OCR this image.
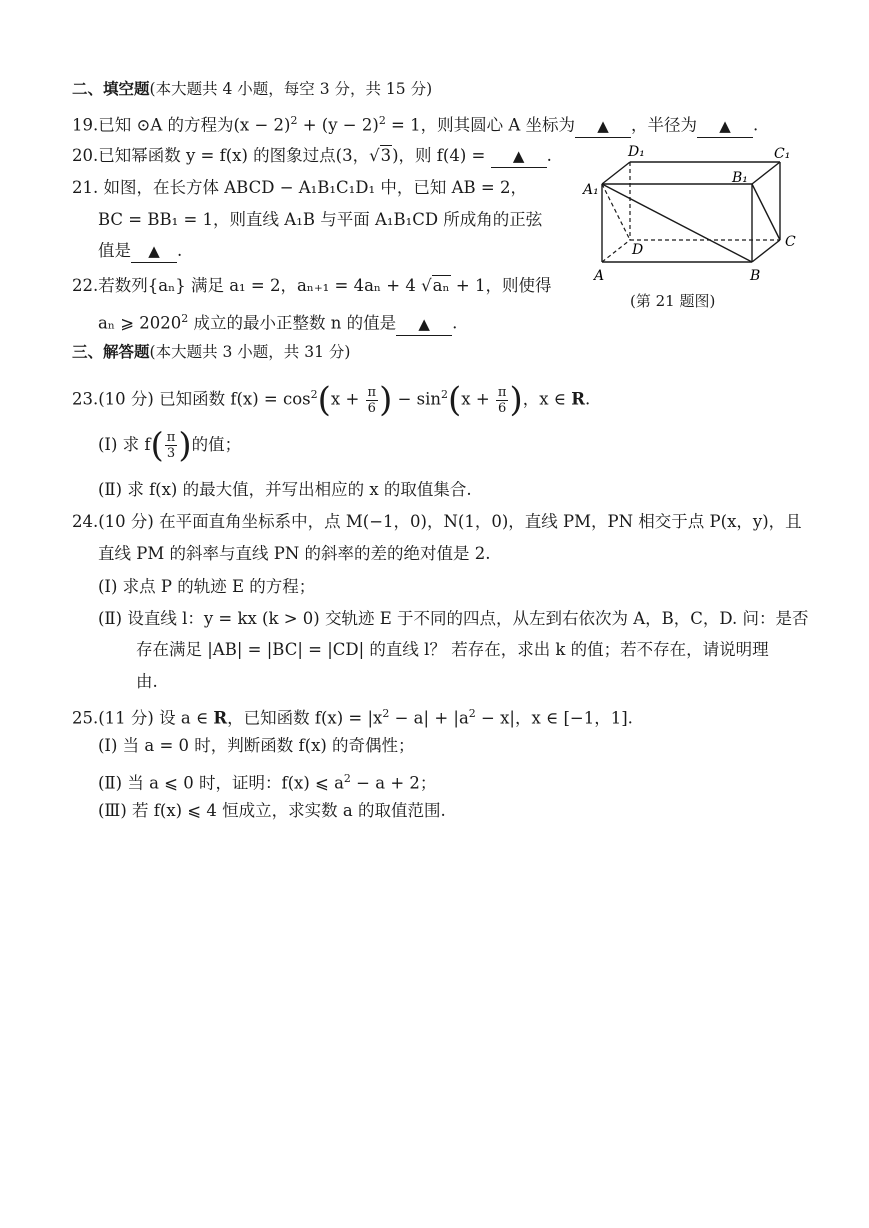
二、填空题(本大题共 4 小题，每空 3 分，共 15 分)
19.已知 ⊙A 的方程为$(x - 2)^2 + (y - 2)^2 = 1$，则其圆心 A 坐标为 ▲ ，半径为 ▲ .
20.已知幂函数 y = f(x) 的图象过点(3，√3)，则 f(4) = ▲ .
21. 如图，在长方体 ABCD − A₁B₁C₁D₁ 中，已知 AB = 2，
BC = BB₁ = 1，则直线 A₁B 与平面 A₁B₁CD 所成角的正弦
值是 ▲ .
22.若数列{aₙ} 满足 a₁ = 2，aₙ₊₁ = 4aₙ + 4 √aₙ + 1，则使得
aₙ ⩾ 2020$^2$ 成立的最小正整数 n 的值是 ▲ .
D₁	C₁
A₁
B₁
D	C
A	B
(第 21 题图)
三、解答题(本大题共 3 小题，共 31 分)
23.(10 分) 已知函数 $f(x) = \cos^2(x + \frac{\pi}{6}$ ) − $\sin^2(x + \frac{\pi}{6}$ )，x ∈ R.
(Ⅰ) 求 $f( \frac{\pi}{3}$ )的值；
(Ⅱ) 求 f(x) 的最大值，并写出相应的 x 的取值集合.
24.(10 分) 在平面直角坐标系中，点 M(−1，0)，N(1，0)，直线 PM，PN 相交于点 P(x，y)，且
直线 PM 的斜率与直线 PN 的斜率的差的绝对值是 2.
(Ⅰ) 求点 P 的轨迹 E 的方程；
(Ⅱ) 设直线 l：y = kx (k > 0) 交轨迹 E 于不同的四点，从左到右依次为 A，B，C，D. 问：是否
存在满足 |AB| = |BC| = |CD| 的直线 l？ 若存在，求出 k 的值；若不存在，请说明理
由.
25.(11 分) 设 a ∈ R，已知函数 $f(x) = |x^2 - a| + |a^2 - x|$，x ∈ [−1，1].
(Ⅰ) 当 a = 0 时，判断函数 f(x) 的奇偶性；
(Ⅱ) 当 a ⩽ 0 时，证明：f(x) ⩽ $a^2 - a + 2$；
(Ⅲ) 若 f(x) ⩽ 4 恒成立，求实数 a 的取值范围.
